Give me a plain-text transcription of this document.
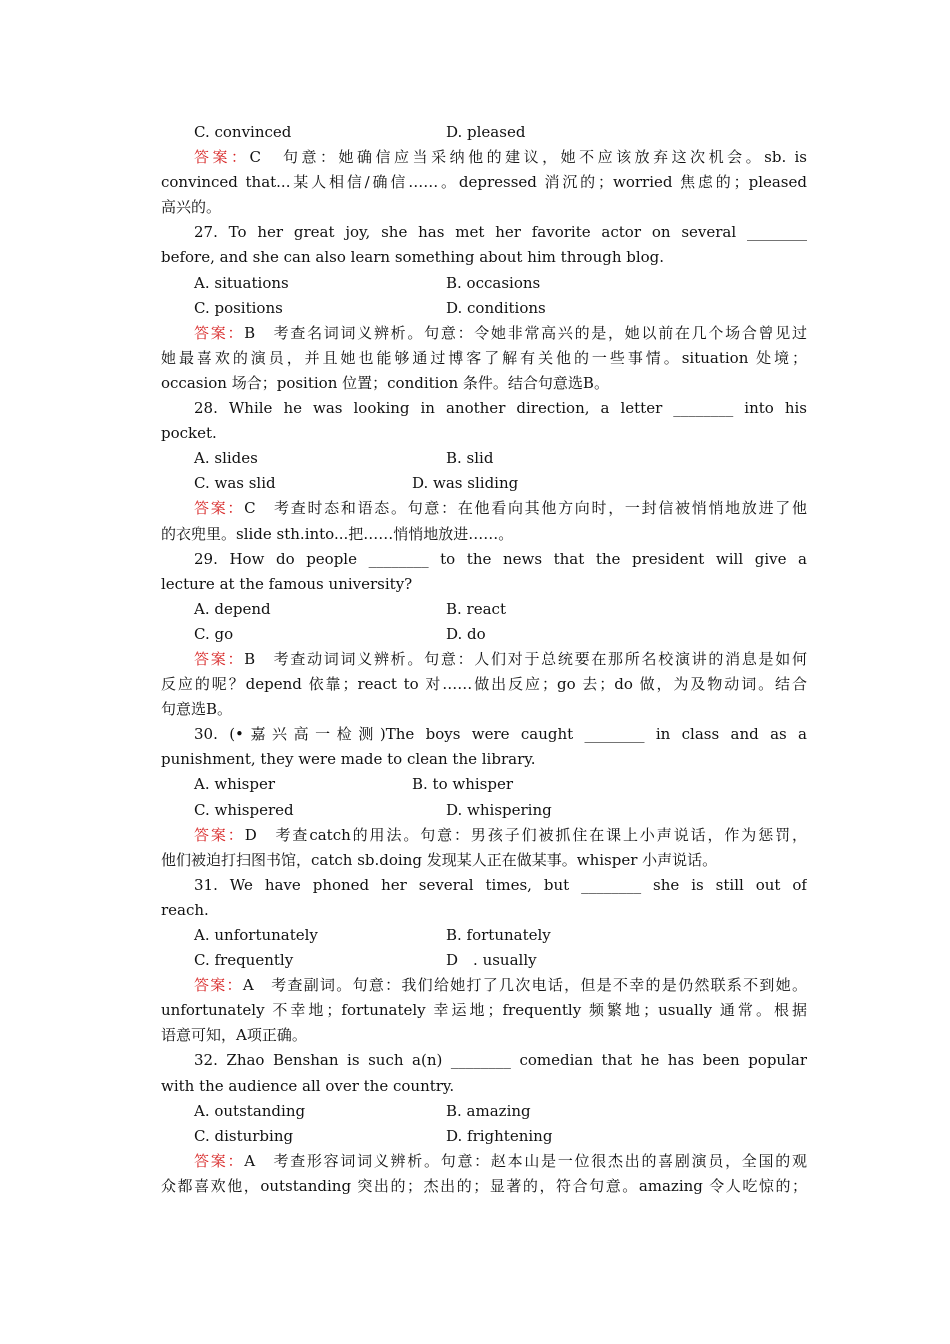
C. convinced	D. pleased
答案：C　句意：她确信应当采纳他的建议，她不应该放弃这次机会。sb. is
convinced that...某人相信/确信……。depressed 消沉的；worried 焦虑的；pleased
高兴的。
27. To her great joy, she has met her favorite actor on several ________
before, and she can also learn something about him through blog.
A. situations	B. occasions
C. positions	D. conditions
答案：B　考查名词词义辨析。句意：令她非常高兴的是，她以前在几个场合曾见过
她最喜欢的演员，并且她也能够通过博客了解有关他的一些事情。situation 处境；
occasion 场合；position 位置；condition 条件。结合句意选B。
28. While he was looking in another direction, a letter ________ into his
pocket.
A. slides	B. slid
C. was slid	D. was sliding
答案：C　考查时态和语态。句意：在他看向其他方向时，一封信被悄悄地放进了他
的衣兜里。slide sth.into...把……悄悄地放进……。
29. How do people ________ to the news that the president will give a
lecture at the famous university?
A. depend	B. react
C. go	D. do
答案：B　考查动词词义辨析。句意：人们对于总统要在那所名校演讲的消息是如何
反应的呢？depend 依靠；react to 对……做出反应；go 去；do 做，为及物动词。结合
句意选B。
30. (•嘉兴高一检测)The boys were caught ________ in class and as a
punishment, they were made to clean the library.
A. whisper	B. to whisper
C. whispered	D. whispering
答案：D　考查catch的用法。句意：男孩子们被抓住在课上小声说话，作为惩罚，
他们被迫打扫图书馆，catch sb.doing 发现某人正在做某事。whisper 小声说话。
31. We have phoned her several times, but ________ she is still out of
reach.
A. unfortunately	B. fortunately
C. frequently	D　. usually
答案：A　考查副词。句意：我们给她打了几次电话，但是不幸的是仍然联系不到她。
unfortunately 不幸地；fortunately 幸运地；frequently 频繁地；usually 通常。根据
语意可知，A项正确。
32. Zhao Benshan is such a(n) ________ comedian that he has been popular
with the audience all over the country.
A. outstanding	B. amazing
C. disturbing	D. frightening
答案：A　考查形容词词义辨析。句意：赵本山是一位很杰出的喜剧演员，全国的观
众都喜欢他，outstanding 突出的；杰出的；显著的，符合句意。amazing 令人吃惊的；
